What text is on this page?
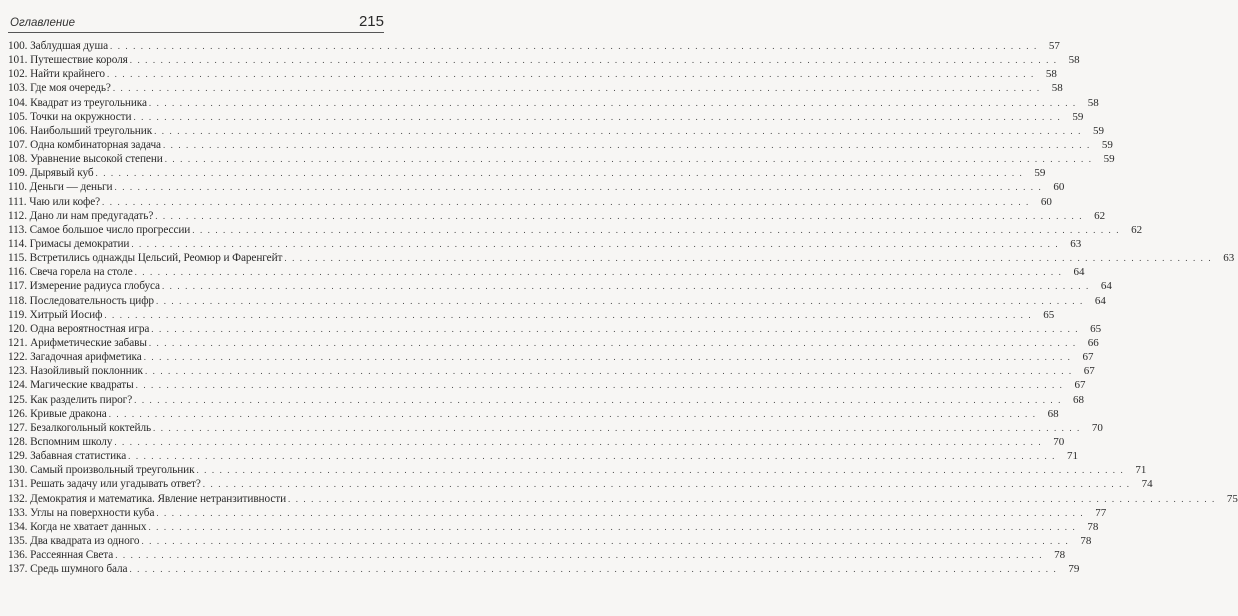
Оглавление	215
100. Заблудшая душа . . .	57
101. Путешествие короля . . .	58
102. Найти крайнего . . .	58
103. Где моя очередь? . . .	58
104. Квадрат из треугольника . . .	58
105. Точки на окружности . . .	59
106. Наибольший треугольник . . .	59
107. Одна комбинаторная задача . . .	59
108. Уравнение высокой степени . . .	59
109. Дырявый куб . . .	59
110. Деньги — деньги . . .	60
111. Чаю или кофе? . . .	60
112. Дано ли нам предугадать? . . .	62
113. Самое большое число прогрессии . . .	62
114. Гримасы демократии . . .	63
115. Встретились однажды Цельсий, Реомюр и Фаренгейт . . .	63
116. Свеча горела на столе . . .	64
117. Измерение радиуса глобуса . . .	64
118. Последовательность цифр . . .	64
119. Хитрый Иосиф . . .	65
120. Одна вероятностная игра . . .	65
121. Арифметические забавы . . .	66
122. Загадочная арифметика . . .	67
123. Назойливый поклонник . . .	67
124. Магические квадраты . . .	67
125. Как разделить пирог? . . .	68
126. Кривые дракона . . .	68
127. Безалкогольный коктейль . . .	70
128. Вспомним школу . . .	70
129. Забавная статистика . . .	71
130. Самый произвольный треугольник . . .	71
131. Решать задачу или угадывать ответ? . . .	74
132. Демократия и математика. Явление нетранзитивности . . .	75
133. Углы на поверхности куба . . .	77
134. Когда не хватает данных . . .	78
135. Два квадрата из одного . . .	78
136. Рассеянная Света . . .	78
137. Средь шумного бала . . .	79
